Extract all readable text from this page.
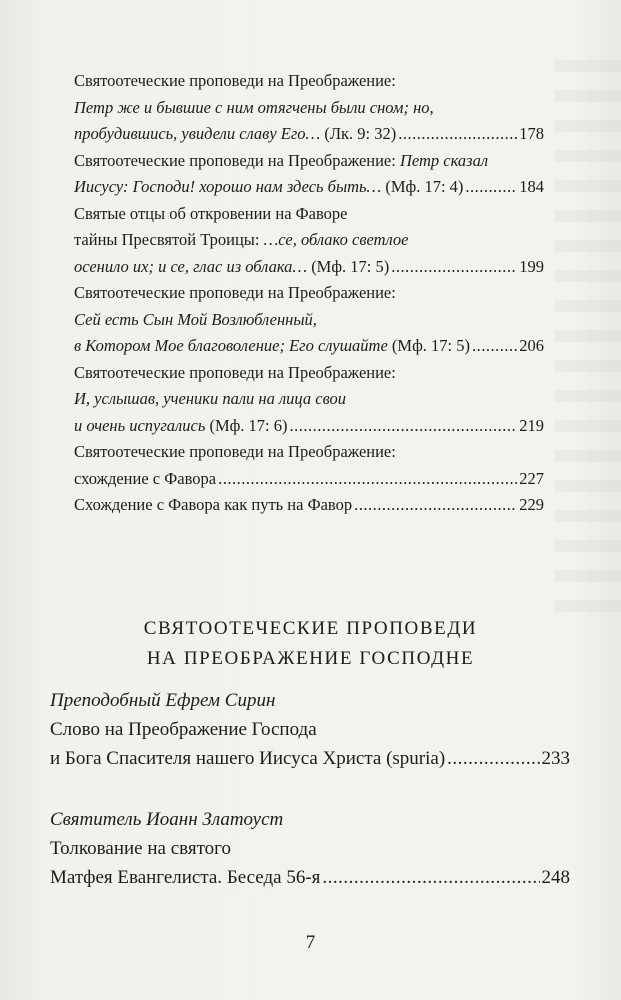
Святоотеческие проповеди на Преображение:
Петр же и бывшие с ним отягчены были сном; но,
пробудившись, увидели славу Его… (Лк. 9: 32) .....	178
Святоотеческие проповеди на Преображение: Петр сказал
Иисусу: Господи! хорошо нам здесь быть… (Мф. 17: 4) .....	184
Святые отцы об откровении на Фаворе
тайны Пресвятой Троицы: …се, облако светлое
осенило их; и се, глас из облака… (Мф. 17: 5) .....	199
Святоотеческие проповеди на Преображение:
Сей есть Сын Мой Возлюбленный,
в Котором Мое благоволение; Его слушайте (Мф. 17: 5) .....	206
Святоотеческие проповеди на Преображение:
И, услышав, ученики пали на лица свои
и очень испугались (Мф. 17: 6) .....	219
Святоотеческие проповеди на Преображение:
схождение с Фавора .....	227
Схождение с Фавора как путь на Фавор .....	229
СВЯТООТЕЧЕСКИЕ ПРОПОВЕДИ
НА ПРЕОБРАЖЕНИЕ ГОСПОДНЕ
Преподобный Ефрем Сирин
Слово на Преображение Господа
и Бога Спасителя нашего Иисуса Христа (spuria) .....	233
Святитель Иоанн Златоуст
Толкование на святого
Матфея Евангелиста. Беседа 56-я .....	248
7
